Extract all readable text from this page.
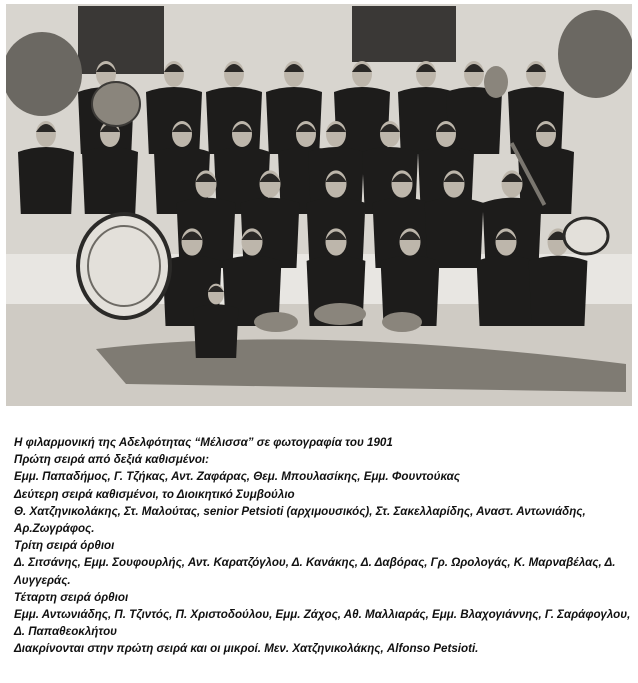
Η φιλαρμονική της Αδελφότητας “Μέλισσα” σε φωτογραφία του 1901
Πρώτη σειρά από δεξιά καθισμένοι:
Εμμ. Παπαδήμος, Γ. Τζήκας, Αντ. Ζαφάρας, Θεμ. Μπουλασίκης, Εμμ. Φουντούκας
Δεύτερη σειρά καθισμένοι, το Διοικητικό Συμβούλιο
Θ. Χατζηνικολάκης, Στ. Μαλούτας, senior Petsioti (αρχιμουσικός), Στ. Σακελλαρίδης, Αναστ. Αντωνιάδης, Αρ.Ζωγράφος.
Τρίτη σειρά όρθιοι
Δ. Σιτσάνης, Εμμ. Σουφουρλής, Αντ. Καρατζόγλου, Δ. Κανάκης, Δ. Δαβόρας, Γρ. Ωρολογάς, Κ. Μαρναβέλας, Δ. Λυγγεράς.
Τέταρτη σειρά όρθιοι
Εμμ. Αντωνιάδης, Π. Τζιντός, Π. Χριστοδούλου, Εμμ. Ζάχος, Αθ. Μαλλιαράς, Εμμ. Βλαχογιάννης, Γ. Σαράφογλου, Δ. Παπαθεοκλήτου
Διακρίνονται στην πρώτη σειρά και οι μικροί. Μεν. Χατζηνικολάκης, Alfonso Petsioti.
